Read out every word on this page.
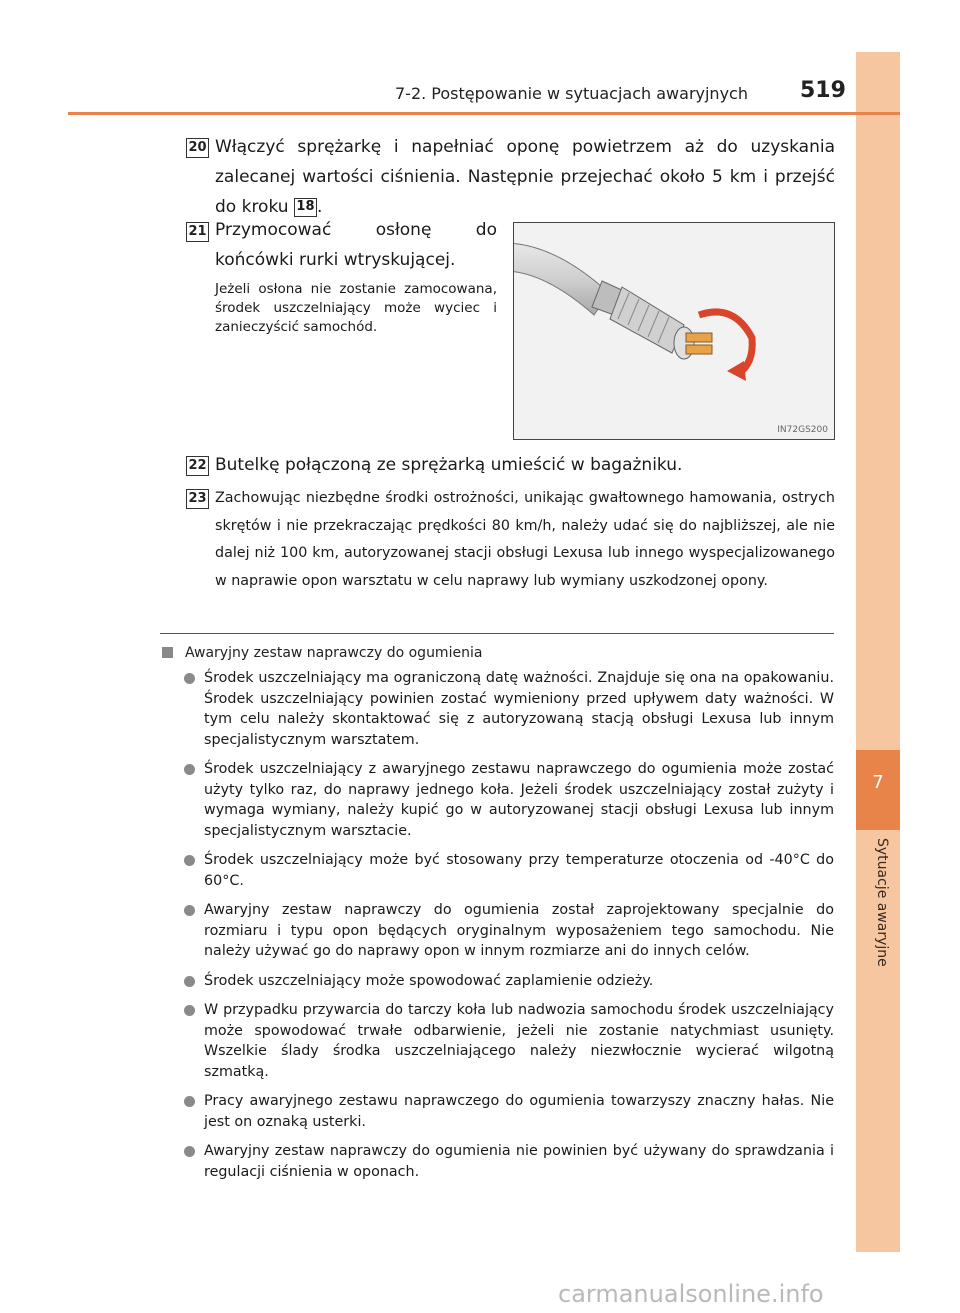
7
Sytuacje awaryjne
7-2. Postępowanie w sytuacjach awaryjnych 519
20 Włączyć sprężarkę i napełniać oponę powietrzem aż do uzyskania zalecanej wartości ciśnienia. Następnie przejechać około 5 km i przejść do kroku 18 .
21 Przymocować osłonę do końcówki rurki wtryskującej.
Jeżeli osłona nie zostanie zamocowana, środek uszczelniający może wyciec i zanieczyścić samochód.
IN72GS200
22 Butelkę połączoną ze sprężarką umieścić w bagażniku.
23 Zachowując niezbędne środki ostrożności, unikając gwałtownego hamowania, ostrych skrętów i nie przekraczając prędkości 80 km/h, należy udać się do najbliższej, ale nie dalej niż 100 km, autoryzowanej stacji obsługi Lexusa lub innego wyspecjalizowanego w naprawie opon warsztatu w celu naprawy lub wymiany uszkodzonej opony.
Awaryjny zestaw naprawczy do ogumienia
Środek uszczelniający ma ograniczoną datę ważności. Znajduje się ona na opakowaniu. Środek uszczelniający powinien zostać wymieniony przed upływem daty ważności. W tym celu należy skontaktować się z autoryzowaną stacją obsługi Lexusa lub innym specjalistycznym warsztatem.
Środek uszczelniający z awaryjnego zestawu naprawczego do ogumienia może zostać użyty tylko raz, do naprawy jednego koła. Jeżeli środek uszczelniający został zużyty i wymaga wymiany, należy kupić go w autoryzowanej stacji obsługi Lexusa lub innym specjalistycznym warsztacie.
Środek uszczelniający może być stosowany przy temperaturze otoczenia od -40°C do 60°C.
Awaryjny zestaw naprawczy do ogumienia został zaprojektowany specjalnie do rozmiaru i typu opon będących oryginalnym wyposażeniem tego samochodu. Nie należy używać go do naprawy opon w innym rozmiarze ani do innych celów.
Środek uszczelniający może spowodować zaplamienie odzieży.
W przypadku przywarcia do tarczy koła lub nadwozia samochodu środek uszczelniający może spowodować trwałe odbarwienie, jeżeli nie zostanie natychmiast usunięty. Wszelkie ślady środka uszczelniającego należy niezwłocznie wycierać wilgotną szmatką.
Pracy awaryjnego zestawu naprawczego do ogumienia towarzyszy znaczny hałas. Nie jest on oznaką usterki.
Awaryjny zestaw naprawczy do ogumienia nie powinien być używany do sprawdzania i regulacji ciśnienia w oponach.
carmanualsonline.info
